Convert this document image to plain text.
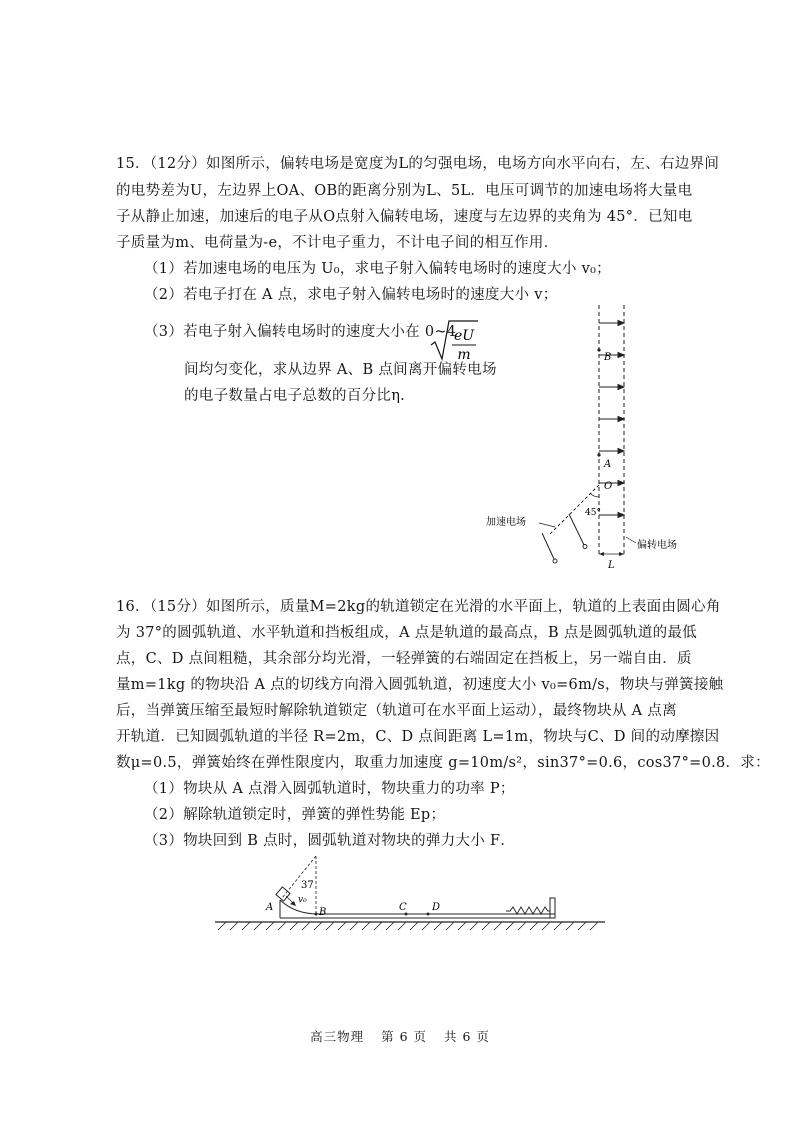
15．（12分）如图所示，偏转电场是宽度为L的匀强电场，电场方向水平向右，左、右边界间
的电势差为U，左边界上OA、OB的距离分别为L、5L．电压可调节的加速电场将大量电
子从静止加速，加速后的电子从O点射入偏转电场，速度与左边界的夹角为 45°．已知电
子质量为m、电荷量为-e，不计电子重力，不计电子间的相互作用．
（1）若加速电场的电压为 U₀，求电子射入偏转电场时的速度大小 v₀；
（2）若电子打在 A 点，求电子射入偏转电场时的速度大小 v；
（3）若电子射入偏转电场时的速度大小在 0~4
eU
m
间均匀变化，求从边界 A、B 点间离开偏转电场
的电子数量占电子总数的百分比η.
B
A
O
45°
加速电场
偏转电场
L
16．（15分）如图所示，质量M=2kg的轨道锁定在光滑的水平面上，轨道的上表面由圆心角
为 37°的圆弧轨道、水平轨道和挡板组成，A 点是轨道的最高点，B 点是圆弧轨道的最低
点，C、D 点间粗糙，其余部分均光滑，一轻弹簧的右端固定在挡板上，另一端自由．质
量m=1kg 的物块沿 A 点的切线方向滑入圆弧轨道，初速度大小 v₀=6m/s，物块与弹簧接触
后，当弹簧压缩至最短时解除轨道锁定（轨道可在水平面上运动），最终物块从 A 点离
开轨道．已知圆弧轨道的半径 R=2m，C、D 点间距离 L=1m，物块与C、D 间的动摩擦因
数μ=0.5，弹簧始终在弹性限度内，取重力加速度 g=10m/s²，sin37°=0.6，cos37°=0.8．求：
（1）物块从 A 点滑入圆弧轨道时，物块重力的功率 P；
（2）解除轨道锁定时，弹簧的弹性势能 Ep；
（3）物块回到 B 点时，圆弧轨道对物块的弹力大小 F．
37
v₀
A	B	C	D
高三物理 第 6 页 共 6 页
